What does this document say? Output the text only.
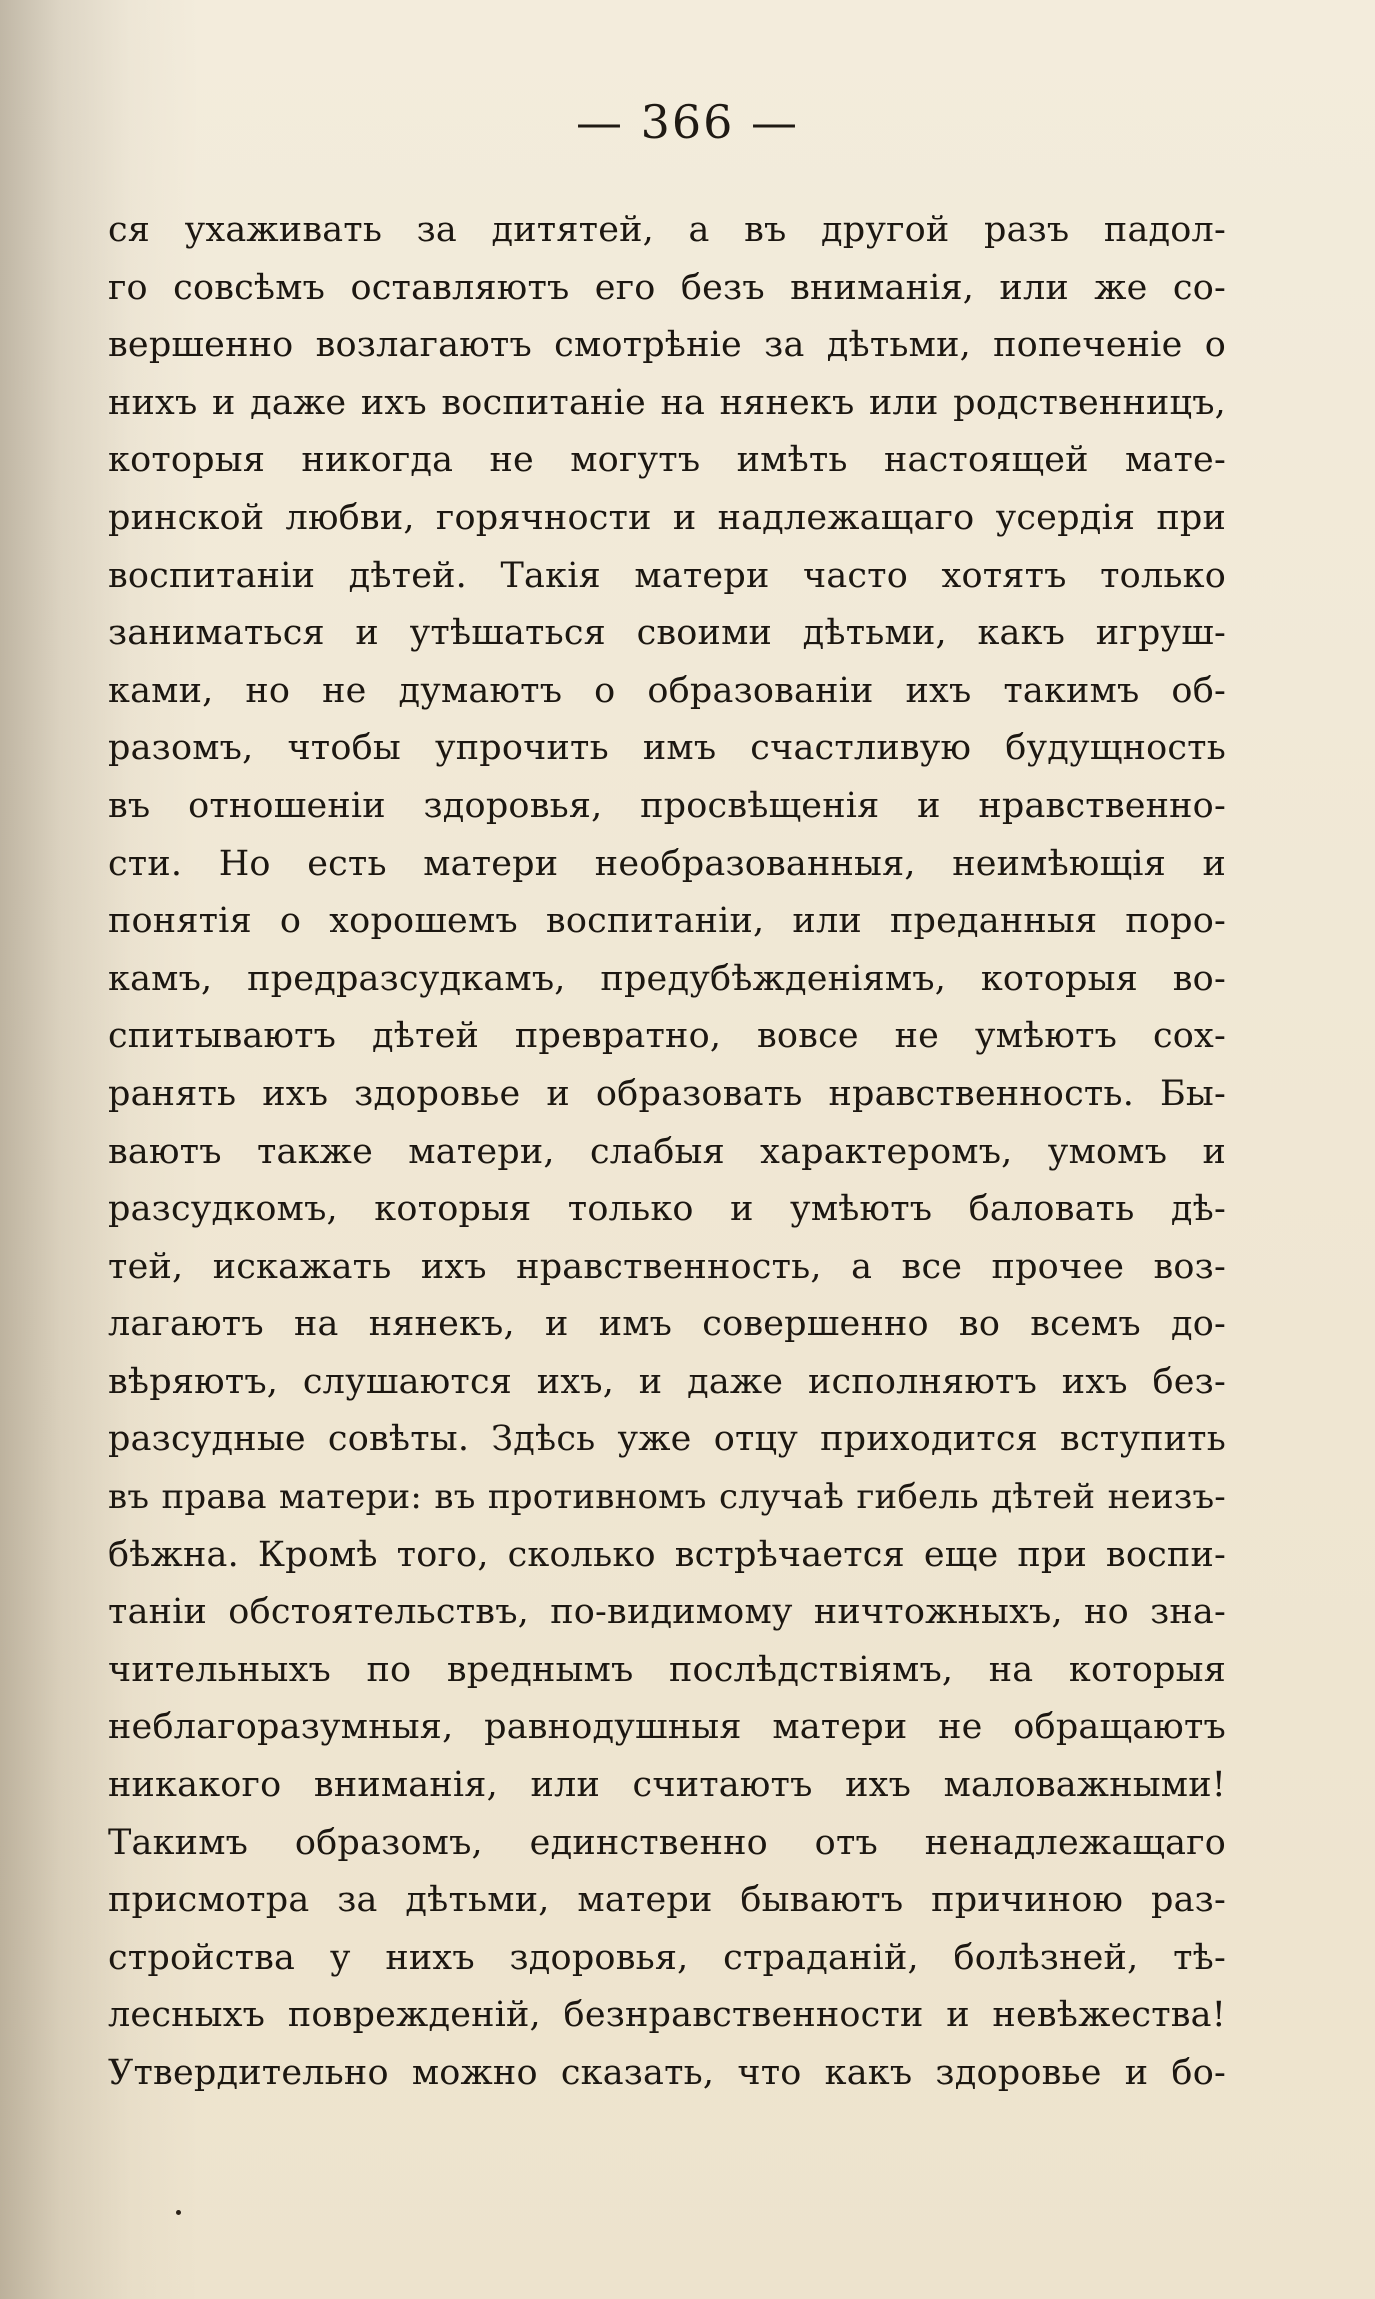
— 366 —
ся ухаживать за дитятей, а въ другой разъ падол-
го совсѣмъ оставляютъ его безъ вниманія, или же со-
вершенно возлагаютъ смотрѣніе за дѣтьми, попеченіе о
нихъ и даже ихъ воспитаніе на нянекъ или родственницъ,
которыя никогда не могутъ имѣть настоящей мате-
ринской любви, горячности и надлежащаго усердія при
воспитаніи дѣтей. Такія матери часто хотятъ только
заниматься и утѣшаться своими дѣтьми, какъ игруш-
ками, но не думаютъ о образованіи ихъ такимъ об-
разомъ, чтобы упрочить имъ счастливую будущность
въ отношеніи здоровья, просвѣщенія и нравственно-
сти. Но есть матери необразованныя, неимѣющія и
понятія о хорошемъ воспитаніи, или преданныя поро-
камъ, предразсудкамъ, предубѣжденіямъ, которыя во-
спитываютъ дѣтей превратно, вовсе не умѣютъ сох-
ранять ихъ здоровье и образовать нравственность. Бы-
ваютъ также матери, слабыя характеромъ, умомъ и
разсудкомъ, которыя только и умѣютъ баловать дѣ-
тей, искажать ихъ нравственность, а все прочее воз-
лагаютъ на нянекъ, и имъ совершенно во всемъ до-
вѣряютъ, слушаются ихъ, и даже исполняютъ ихъ без-
разсудные совѣты. Здѣсь уже отцу приходится вступить
въ права матери: въ противномъ случаѣ гибель дѣтей неизъ-
бѣжна. Кромѣ того, сколько встрѣчается еще при воспи-
таніи обстоятельствъ, по-видимому ничтожныхъ, но зна-
чительныхъ по вреднымъ послѣдствіямъ, на которыя
неблагоразумныя, равнодушныя матери не обращаютъ
никакого вниманія, или считаютъ ихъ маловажными!
Такимъ образомъ, единственно отъ ненадлежащаго
присмотра за дѣтьми, матери бываютъ причиною раз-
стройства у нихъ здоровья, страданій, болѣзней, тѣ-
лесныхъ поврежденій, безнравственности и невѣжества!
Утвердительно можно сказать, что какъ здоровье и бо-
